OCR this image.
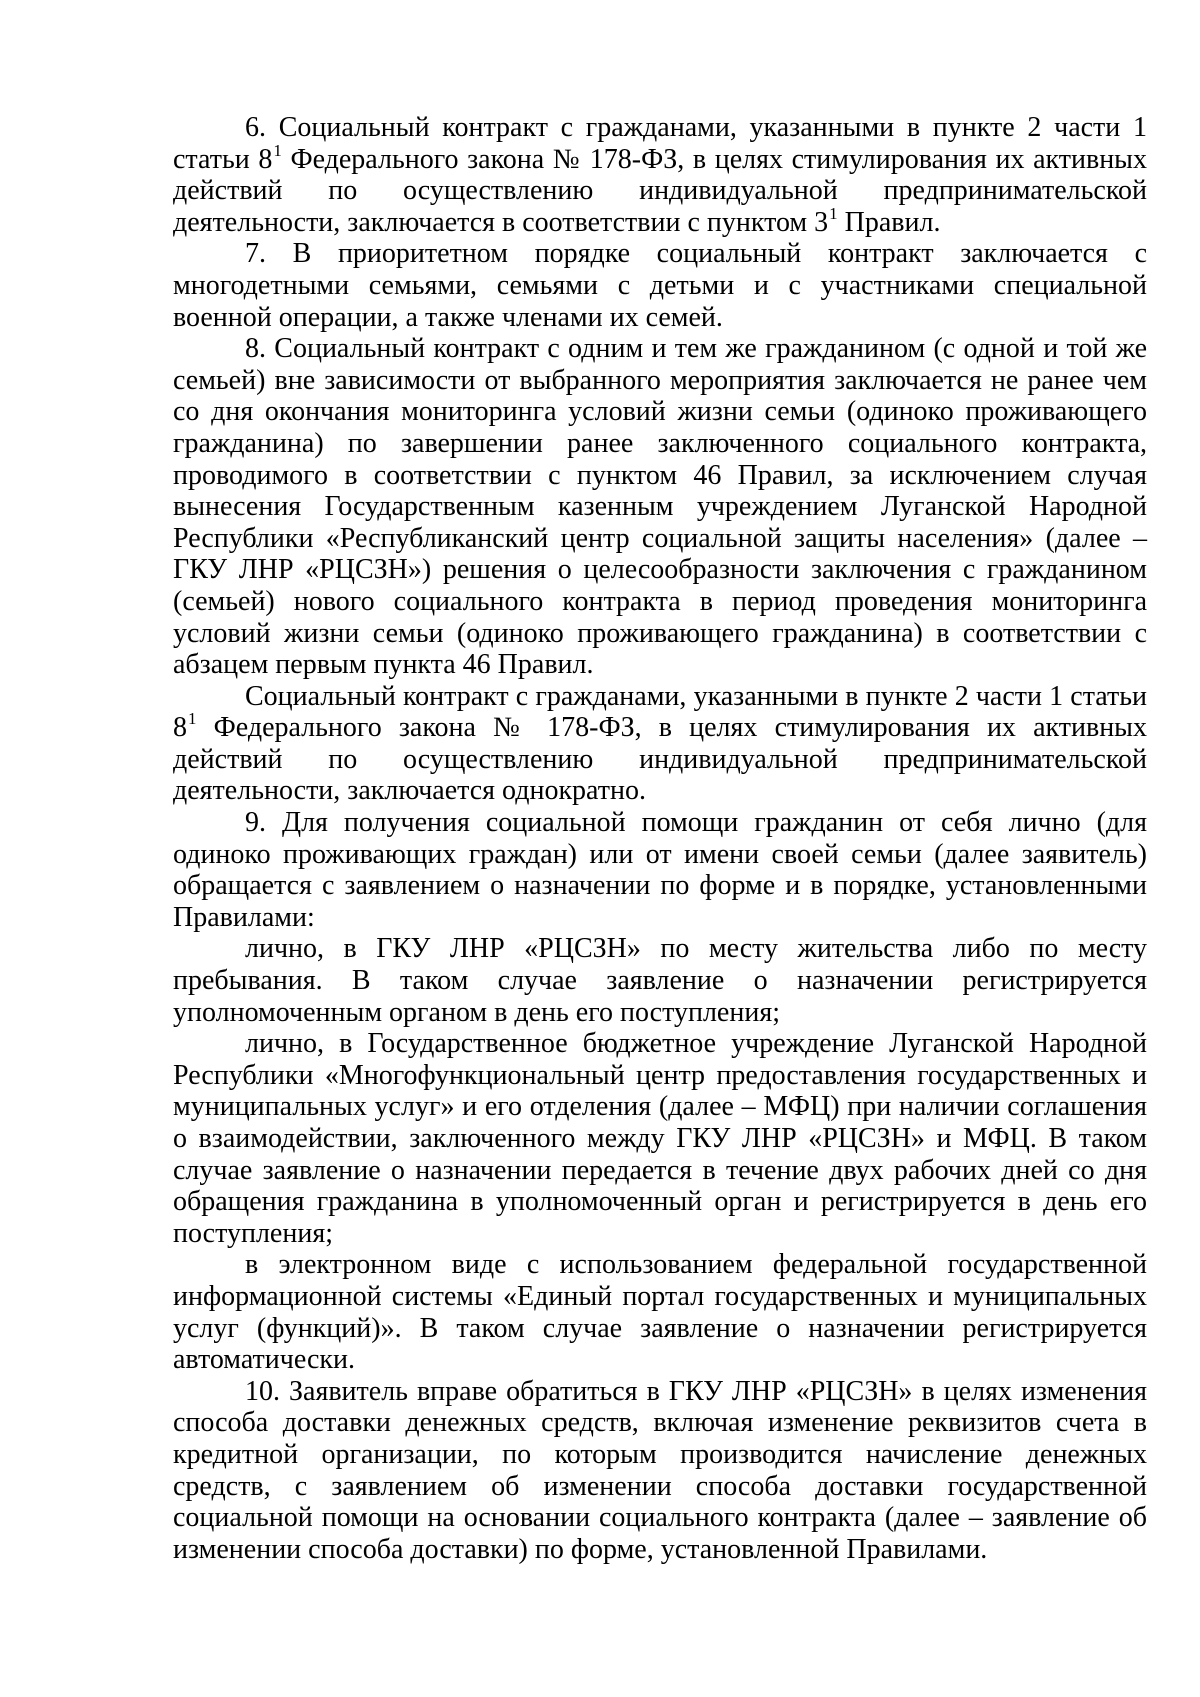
6. Социальный контракт с гражданами, указанными в пункте 2 части 1 статьи $8^1$ Федерального закона № 178-ФЗ, в целях стимулирования их активных действий по осуществлению индивидуальной предпринимательской деятельности, заключается в соответствии с пунктом $3^1$ Правил.

7. В приоритетном порядке социальный контракт заключается с многодетными семьями, семьями с детьми и с участниками специальной военной операции, а также членами их семей.

8. Социальный контракт с одним и тем же гражданином (с одной и той же семьей) вне зависимости от выбранного мероприятия заключается не ранее чем со дня окончания мониторинга условий жизни семьи (одиноко проживающего гражданина) по завершении ранее заключенного социального контракта, проводимого в соответствии с пунктом 46 Правил, за исключением случая вынесения Государственным казенным учреждением Луганской Народной Республики «Республиканский центр социальной защиты населения» (далее – ГКУ ЛНР «РЦСЗН») решения о целесообразности заключения с гражданином (семьей) нового социального контракта в период проведения мониторинга условий жизни семьи (одиноко проживающего гражданина) в соответствии с абзацем первым пункта 46 Правил.

Социальный контракт с гражданами, указанными в пункте 2 части 1 статьи $8^1$ Федерального закона № 178-ФЗ, в целях стимулирования их активных действий по осуществлению индивидуальной предпринимательской деятельности, заключается однократно.

9. Для получения социальной помощи гражданин от себя лично (для одиноко проживающих граждан) или от имени своей семьи (далее заявитель) обращается с заявлением о назначении по форме и в порядке, установленными Правилами:

лично, в ГКУ ЛНР «РЦСЗН» по месту жительства либо по месту пребывания. В таком случае заявление о назначении регистрируется уполномоченным органом в день его поступления;

лично, в Государственное бюджетное учреждение Луганской Народной Республики «Многофункциональный центр предоставления государственных и муниципальных услуг» и его отделения (далее – МФЦ) при наличии соглашения о взаимодействии, заключенного между ГКУ ЛНР «РЦСЗН» и МФЦ. В таком случае заявление о назначении передается в течение двух рабочих дней со дня обращения гражданина в уполномоченный орган и регистрируется в день его поступления;

в электронном виде с использованием федеральной государственной информационной системы «Единый портал государственных и муниципальных услуг (функций)». В таком случае заявление о назначении регистрируется автоматически.

10. Заявитель вправе обратиться в ГКУ ЛНР «РЦСЗН» в целях изменения способа доставки денежных средств, включая изменение реквизитов счета в кредитной организации, по которым производится начисление денежных средств, с заявлением об изменении способа доставки государственной социальной помощи на основании социального контракта (далее – заявление об изменении способа доставки) по форме, установленной Правилами.
